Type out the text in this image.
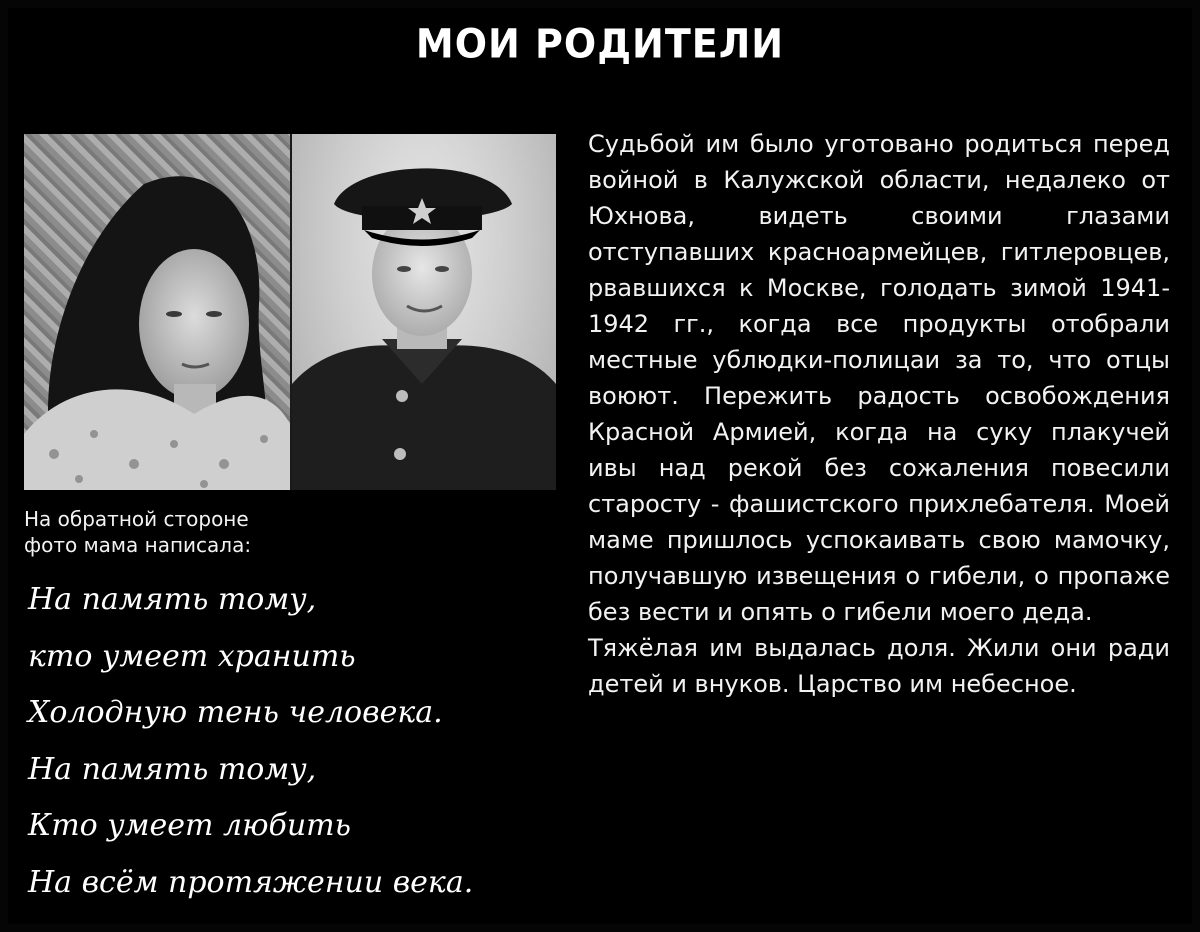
МОИ РОДИТЕЛИ
На обратной стороне
фото мама написала:
На память тому,
кто умеет хранить
Холодную тень человека.
На память тому,
Кто умеет любить
На всём протяжении века.

Судьбой им было уготовано родиться перед войной в Калужской области, недалеко от Юхнова, видеть своими глазами отступавших красноармейцев, гитлеровцев, рвавшихся к Москве, голодать зимой 1941-1942 гг., когда все продукты отобрали местные ублюдки-полицаи за то, что отцы воюют. Пережить радость освобождения Красной Армией, когда на суку плакучей ивы над рекой без сожаления повесили старосту - фашистского прихлебателя. Моей маме пришлось успокаивать свою мамочку, получавшую извещения о гибели, о пропаже без вести и опять о гибели моего деда.

Тяжёлая им выдалась доля. Жили они ради детей и внуков. Царство им небесное.
